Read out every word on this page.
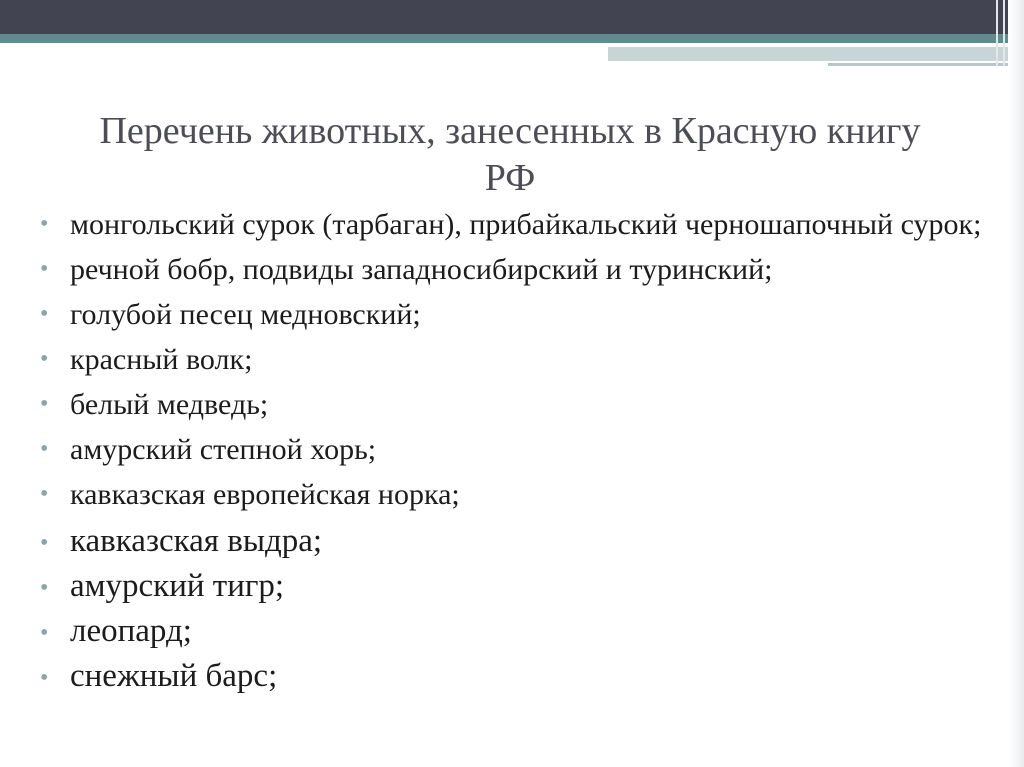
Перечень животных, занесенных в Красную книгу
РФ
• монгольский сурок (тарбаган), прибайкальский черношапочный сурок;
• речной бобр, подвиды западносибирский и туринский;
• голубой песец медновский;
• красный волк;
• белый медведь;
• амурский степной хорь;
• кавказская европейская норка;
• кавказская выдра;
• амурский тигр;
• леопард;
• снежный барс;
